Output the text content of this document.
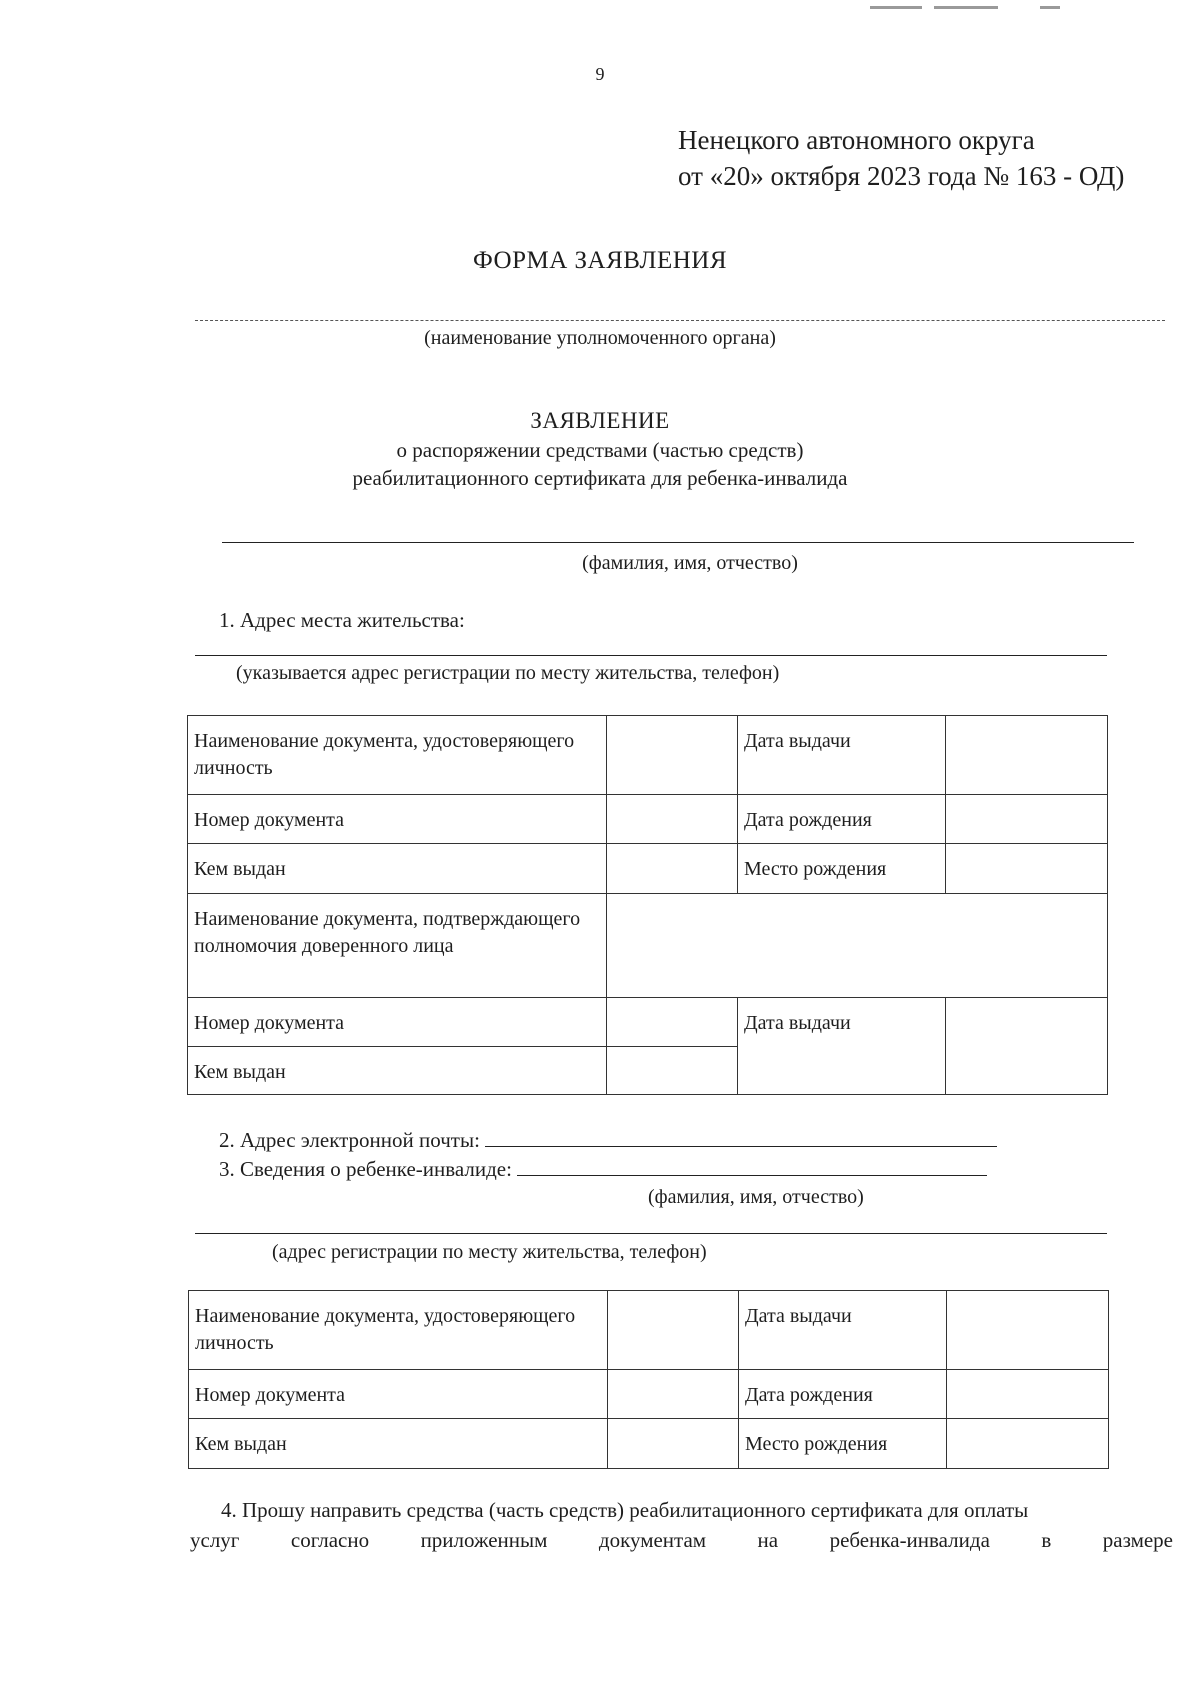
9
Ненецкого автономного округа
от «20» октября 2023 года № 163 - ОД)
ФОРМА ЗАЯВЛЕНИЯ
(наименование уполномоченного органа)
ЗАЯВЛЕНИЕ
о распоряжении средствами (частью средств)
реабилитационного сертификата для ребенка-инвалида
(фамилия, имя, отчество)
1. Адрес места жительства:
(указывается адрес регистрации по месту жительства, телефон)
Наименование документа, удостоверяющего личность		Дата выдачи	
Номер документа		Дата рождения	
Кем выдан		Место рождения	
Наименование документа, подтверждающего полномочия доверенного лица			
Номер документа		Дата выдачи	
Кем выдан			
2. Адрес электронной почты:
3. Сведения о ребенке-инвалиде:
(фамилия, имя, отчество)
(адрес регистрации по месту жительства, телефон)
Наименование документа, удостоверяющего личность		Дата выдачи	
Номер документа		Дата рождения	
Кем выдан		Место рождения	
4. Прошу направить средства (часть средств) реабилитационного сертификата для оплаты
услуг согласно приложенным документам на ребенка-инвалида в размере
